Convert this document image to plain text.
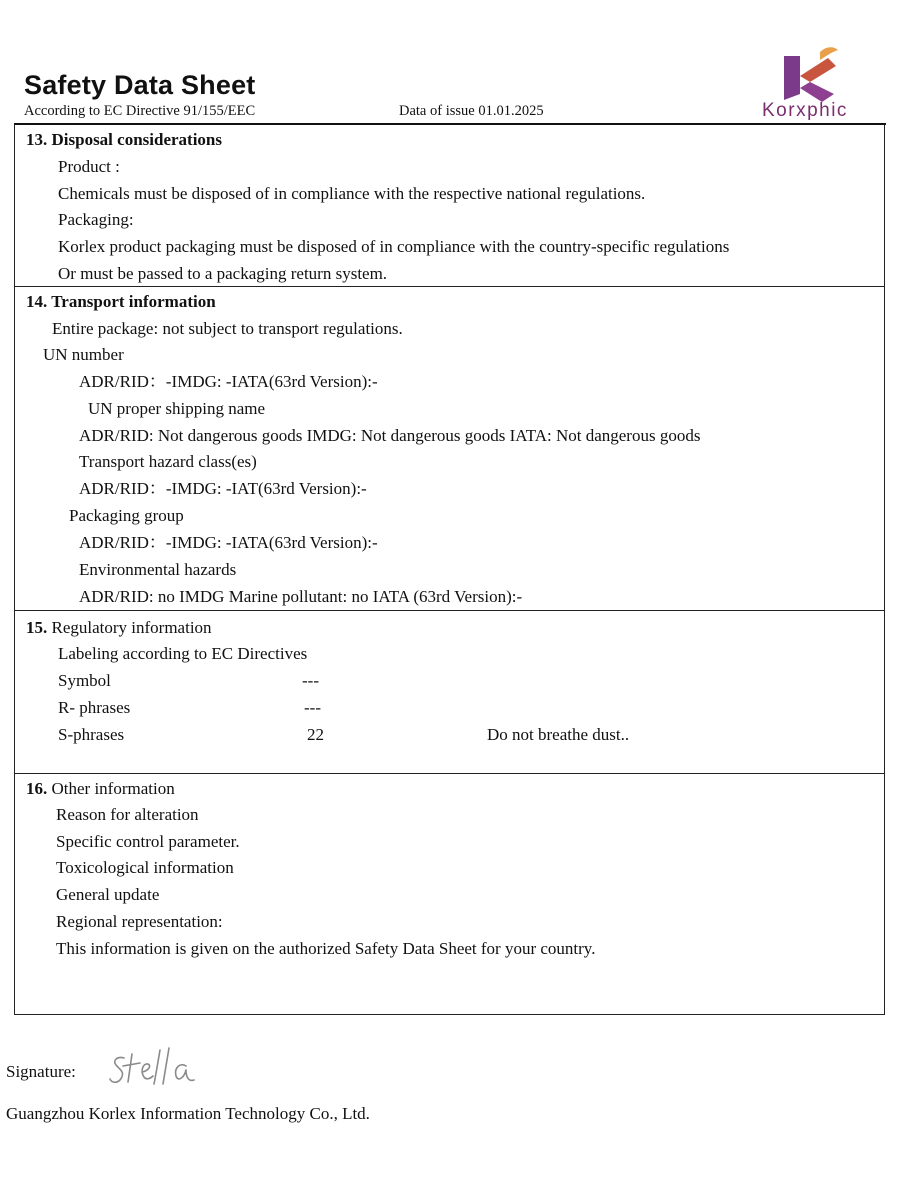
Safety Data Sheet
According to EC Directive 91/155/EEC	Data of issue 01.01.2025	Korxphic
13. Disposal considerations
Product :
Chemicals must be disposed of in compliance with the respective national regulations.
Packaging:
Korlex product packaging must be disposed of in compliance with the country-specific regulations
Or must be passed to a packaging return system.
14. Transport information
Entire package: not subject to transport regulations.
UN number
ADR/RID：-IMDG: -IATA(63rd Version):-
UN proper shipping name
ADR/RID: Not dangerous goods IMDG: Not dangerous goods IATA: Not dangerous goods
Transport hazard class(es)
ADR/RID：-IMDG: -IAT(63rd Version):-
Packaging group
ADR/RID：-IMDG: -IATA(63rd Version):-
Environmental hazards
ADR/RID: no IMDG Marine pollutant: no IATA (63rd Version):-
15. Regulatory information
Labeling according to EC Directives
Symbol	---
R- phrases	---
S-phrases	22	Do not breathe dust..
16. Other information
Reason for alteration
Specific control parameter.
Toxicological information
General update
Regional representation:
This information is given on the authorized Safety Data Sheet for your country.
Signature:
Guangzhou Korlex Information Technology Co., Ltd.
